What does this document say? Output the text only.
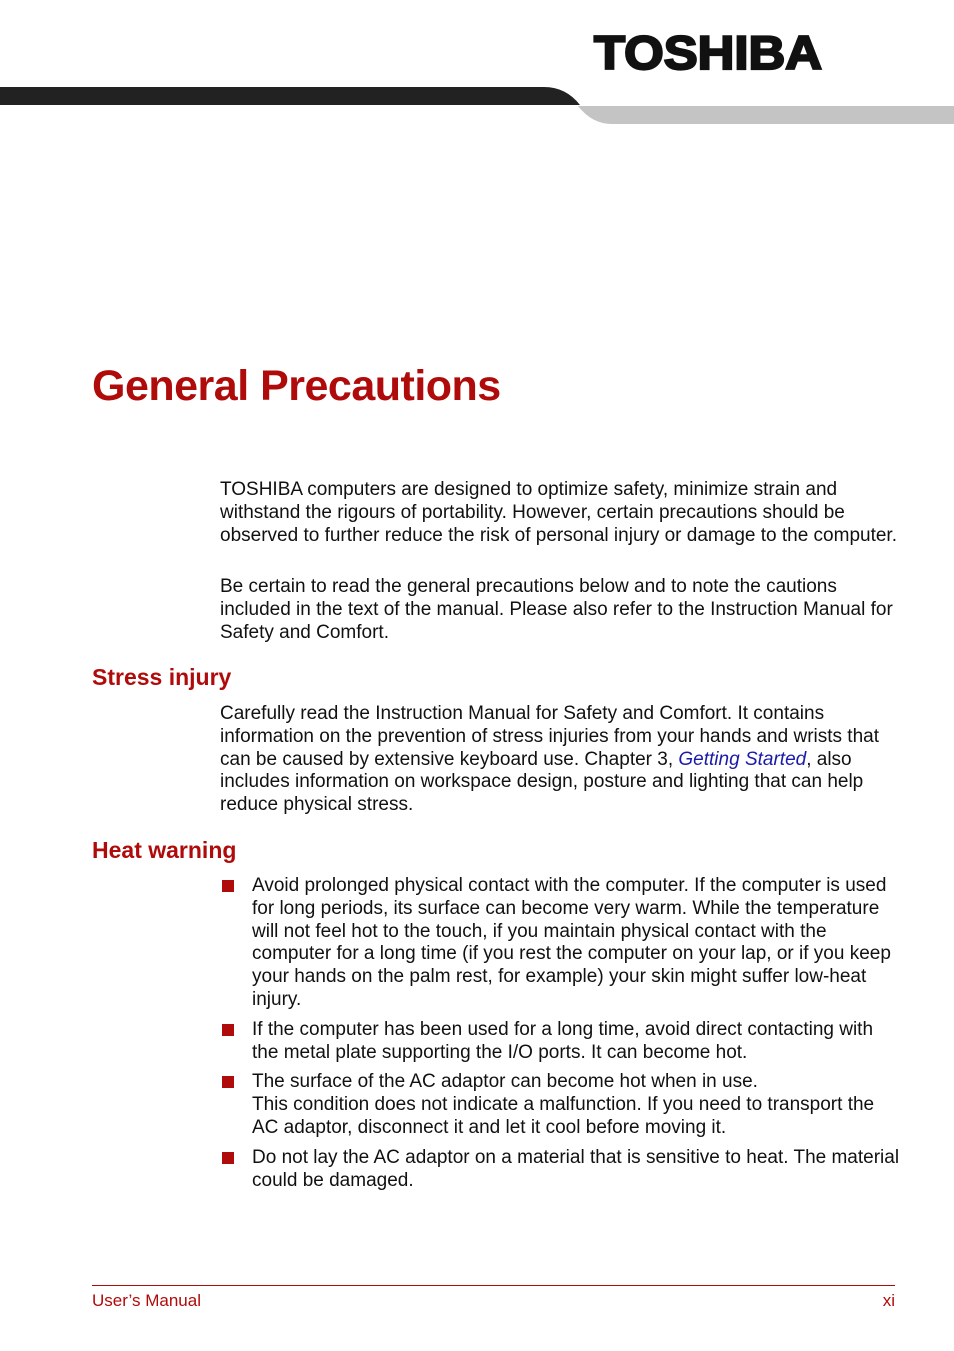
TOSHIBA
General Precautions

TOSHIBA computers are designed to optimize safety, minimize strain and withstand the rigours of portability. However, certain precautions should be observed to further reduce the risk of personal injury or damage to the computer.

Be certain to read the general precautions below and to note the cautions included in the text of the manual. Please also refer to the Instruction Manual for Safety and Comfort.

Stress injury

Carefully read the Instruction Manual for Safety and Comfort. It contains information on the prevention of stress injuries from your hands and wrists that can be caused by extensive keyboard use. Chapter 3, Getting Started, also includes information on workspace design, posture and lighting that can help reduce physical stress.

Heat warning
Avoid prolonged physical contact with the computer. If the computer is used for long periods, its surface can become very warm. While the temperature will not feel hot to the touch, if you maintain physical contact with the computer for a long time (if you rest the computer on your lap, or if you keep your hands on the palm rest, for example) your skin might suffer low-heat injury.
If the computer has been used for a long time, avoid direct contacting with the metal plate supporting the I/O ports. It can become hot.
The surface of the AC adaptor can become hot when in use.
This condition does not indicate a malfunction. If you need to transport the AC adaptor, disconnect it and let it cool before moving it.
Do not lay the AC adaptor on a material that is sensitive to heat. The material could be damaged.
User’s Manual	xi
